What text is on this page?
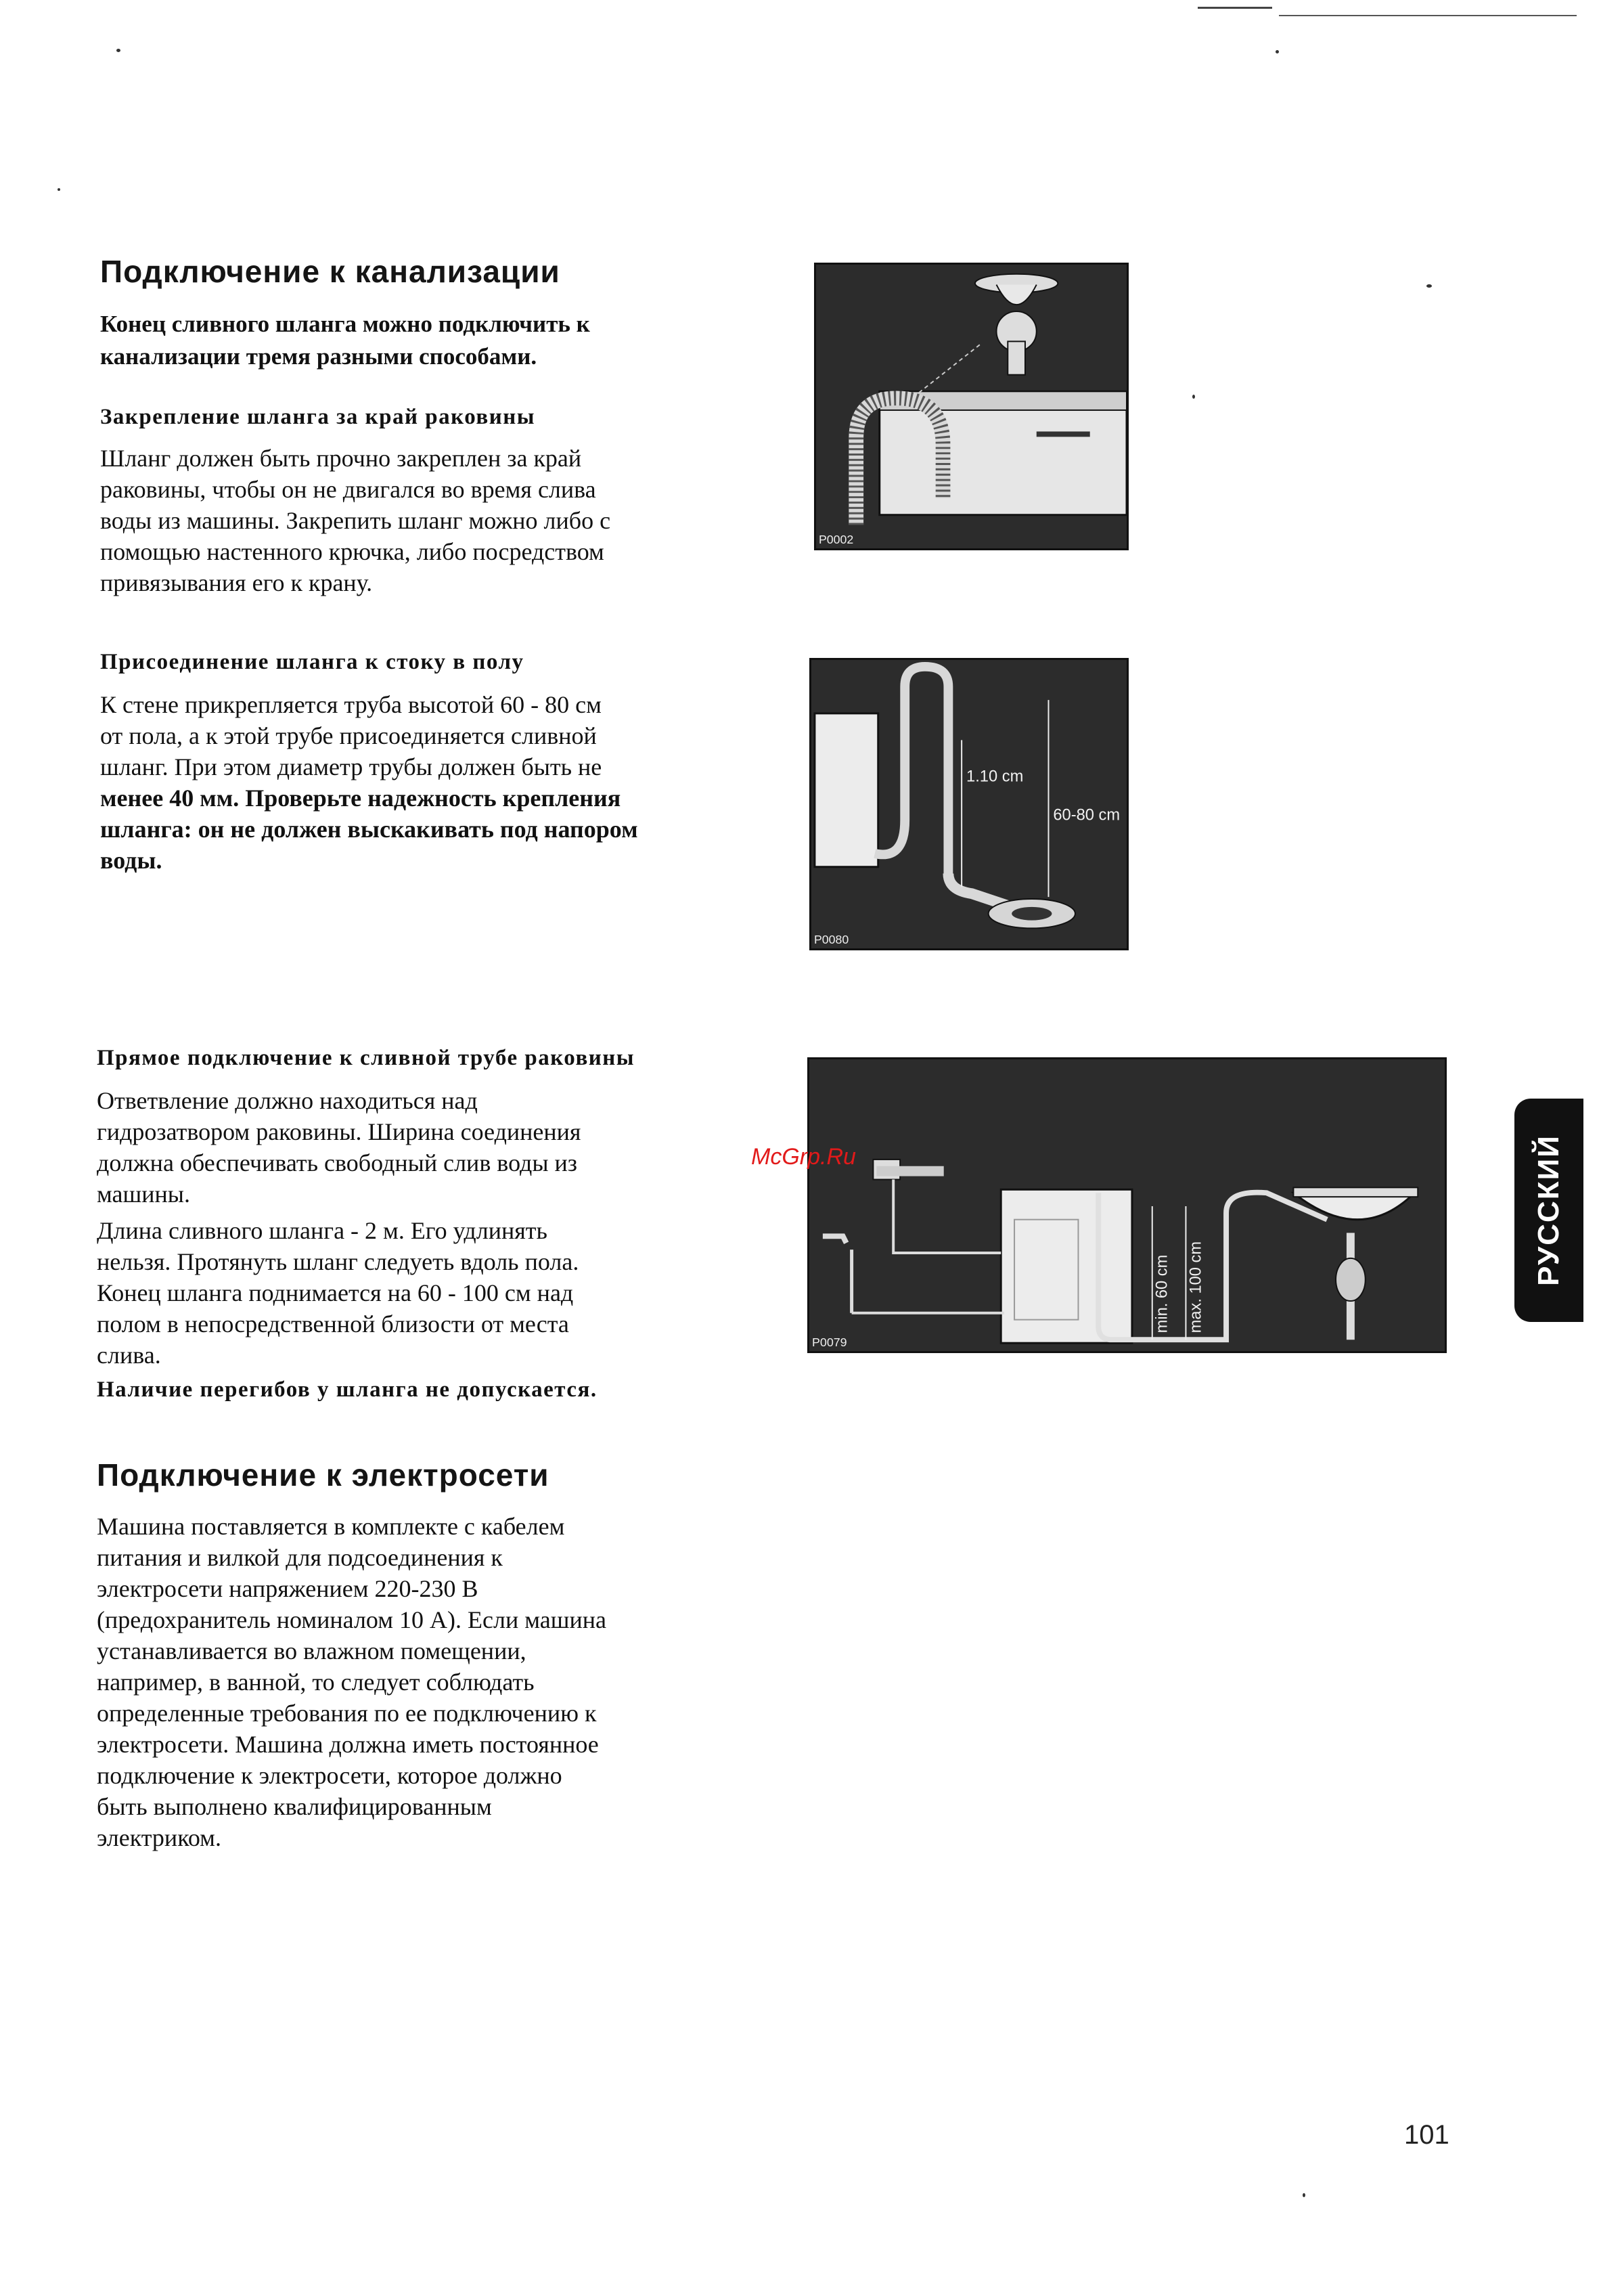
Подключение к канализации

Конец сливного шланга можно подключить к

канализации тремя разными способами.

Закрепление шланга за край раковины

Шланг должен быть прочно закреплен за край

раковины, чтобы он не двигался во время слива

воды из машины. Закрепить шланг можно либо с

помощью настенного крючка, либо посредством

привязывания его к крану.

P0002

Присоединение шланга к стоку в полу

К стене прикрепляется труба высотой 60 - 80 см

от пола, а к этой трубе присоединяется сливной

шланг. При этом диаметр трубы должен быть не

менее 40 мм. Проверьте надежность крепления

шланга: он не должен выскакивать под напором

воды.

1.10 cm
60-80 cm
P0080

Прямое подключение к сливной трубе раковины

Ответвление должно находиться над

гидрозатвором раковины. Ширина соединения

должна обеспечивать свободный слив воды из

машины.

Длина сливного шланга - 2 м. Его удлинять

нельзя. Протянуть шланг следуеть вдоль пола.

Конец шланга поднимается на 60 - 100 см над

полом в непосредственной близости от места

слива.

Наличие перегибов у шланга не допускается.

min. 60 cm max. 100 cm
P0079
McGrp.Ru
Подключение к электросети

Машина поставляется в комплекте с кабелем

питания и вилкой для подсоединения к

электросети напряжением 220-230 В

(предохранитель номиналом 10 А). Если машина

устанавливается во влажном помещении,

например, в ванной, то следует соблюдать

определенные требования по ее подключению к

электросети. Машина должна иметь постоянное

подключение к электросети, которое должно

быть выполнено квалифицированным

электриком.

РУССКИЙ
101
